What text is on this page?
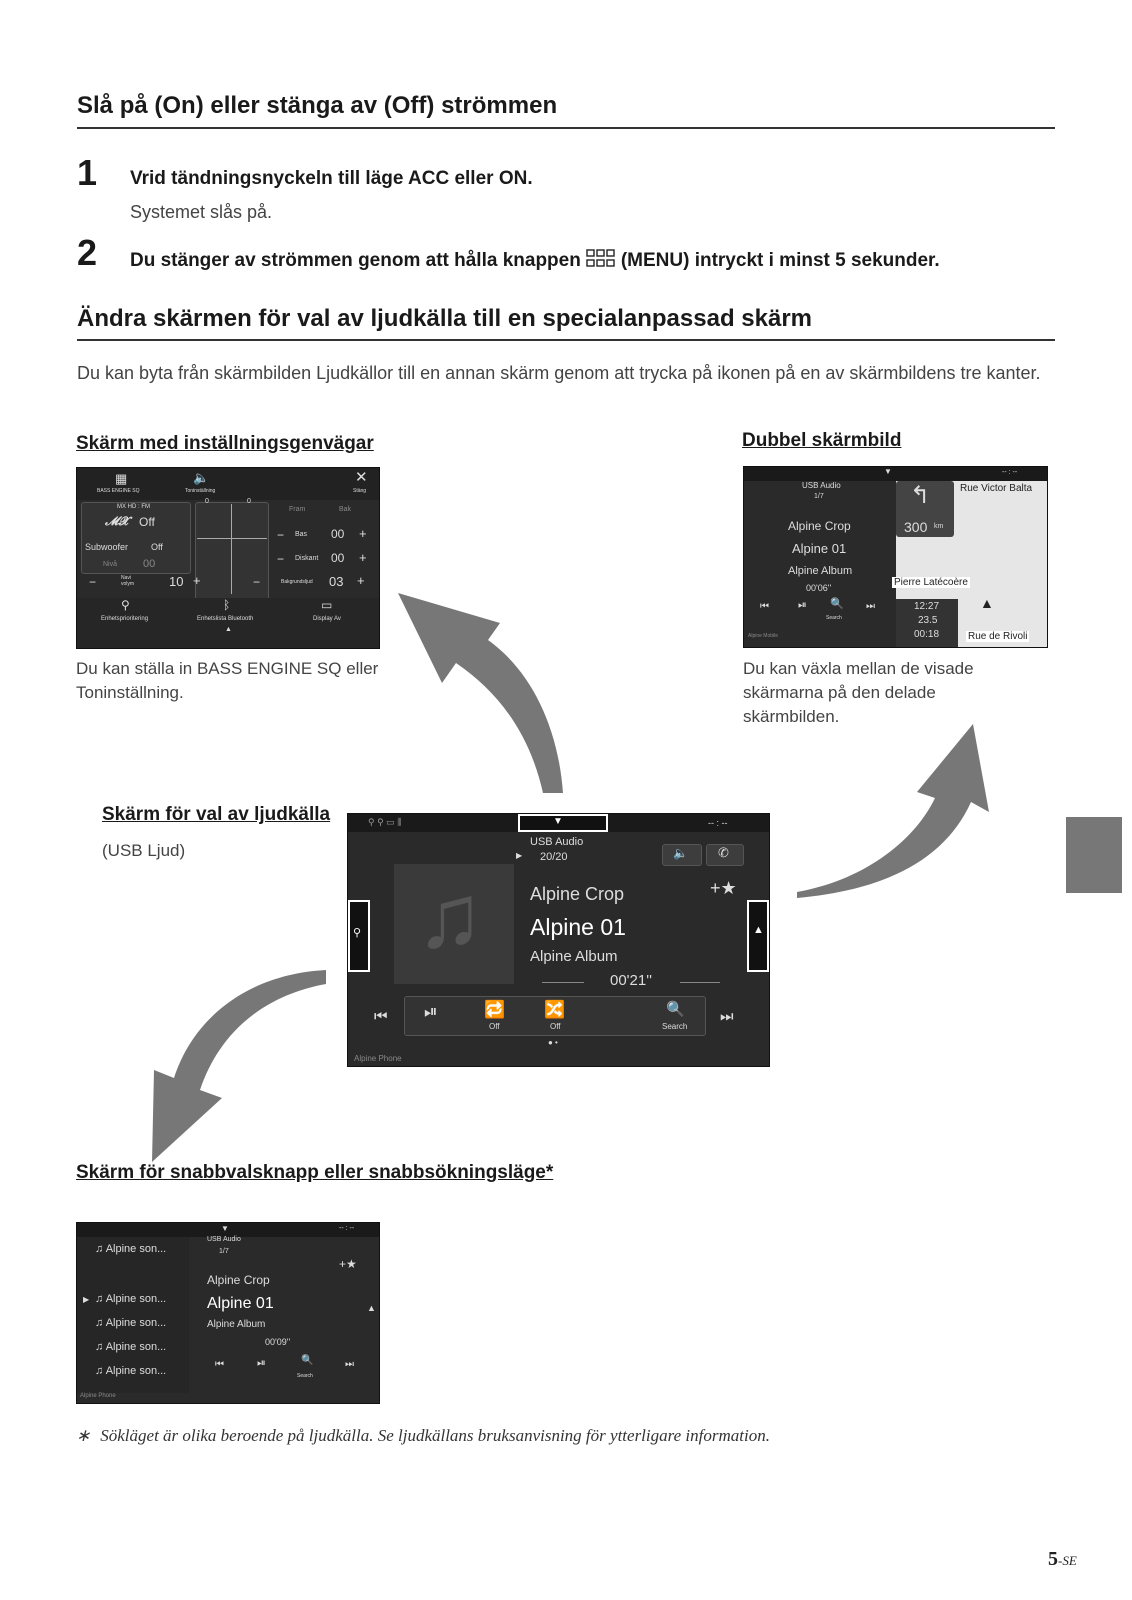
Slå på (On) eller stänga av (Off) strömmen
1 Vrid tändningsnyckeln till läge ACC eller ON.
Systemet slås på.
2 Du stänger av strömmen genom att hålla knappen (MENU) intryckt i minst 5 sekunder.
Ändra skärmen för val av ljudkälla till en specialanpassad skärm
Du kan byta från skärmbilden Ljudkällor till en annan skärm genom att trycka på ikonen på en av skärmbildens tre kanter.
Skärm med inställningsgenvägar
▦
BASS ENGINE SQ
🔈
Toninställning
✕
Stäng
MX HD : FM
𝓜𝓧 Off
Subwoofer	Off
Nivå 00
0	0
Fram	Bak
− Bas 00 +
− Diskant 00 +
−	Navi volym	10 +	−	Bakgrundsljud 03 +
⚲
Enhetsprioritering
ᛒ
Enhetslista Bluetooth
▭
Display Av
▲
Du kan ställa in BASS ENGINE SQ eller Toninställning.
Dubbel skärmbild
▼	-- : --
USB Audio
1/7
Alpine Crop
Alpine 01
Alpine Album
00'06''
⏮	⏯ 🔍
Search
⏭
Alpine Mobile
↰
300 km
Rue Victor Balta
Pierre Latécoère
12:27
23.5
00:18	Rue de Rivoli
▲
Du kan växla mellan de visade skärmarna på den delade skärmbilden.
Skärm för val av ljudkälla
(USB Ljud)
⚲ ⚲ ▭ ⫼	▼	-- : --
USB Audio
▶ 20/20	🔈 ✆
♫
⚲	▲
Alpine Crop	+★
Alpine 01
Alpine Album
00'21''
⏮ ⏯	🔁
Off
🔀
Off
🔍
Search
⏭
● •
Alpine Phone
Skärm för snabbvalsknapp eller snabbsökningsläge*
▼	-- : --
♫ Alpine son...
▶ ♫ Alpine son...
♫ Alpine son...
♫ Alpine son...
♫ Alpine son...
USB Audio
1/7
+★
Alpine Crop
Alpine 01
Alpine Album
00'09''
⏮	⏯	🔍
Search
⏭
▲
Alpine Phone
∗ Sökläget är olika beroende på ljudkälla. Se ljudkällans bruksanvisning för ytterligare information.
5-SE
